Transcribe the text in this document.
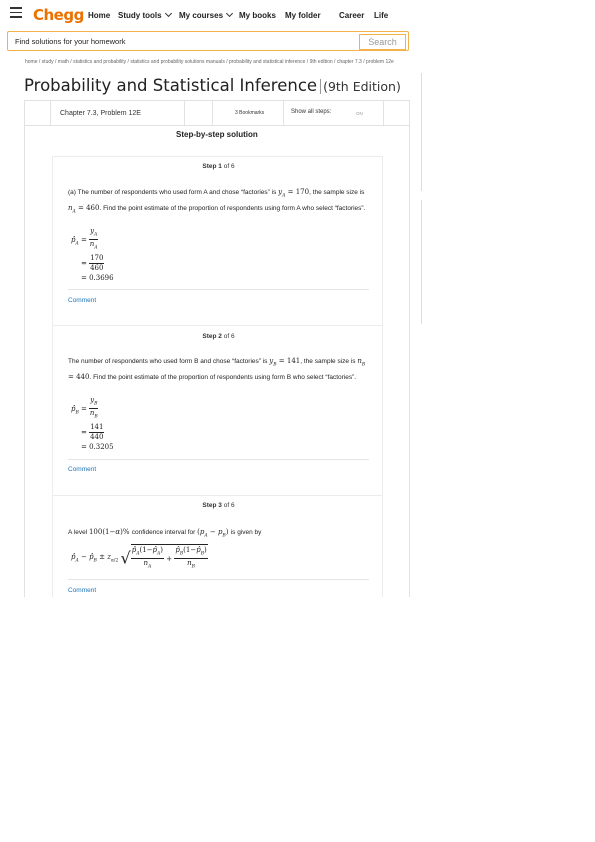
Chegg Home Study tools	My courses	My books My folder Career Life
Find solutions for your homework	Search
home / study / math / statistics and probability / statistics and probability solutions manuals / probability and statistical inference / 9th edition / chapter 7.3 / problem 12e
Probability and Statistical Inference (9th Edition)
Chapter 7.3, Problem 12E	3 Bookmarks	Show all steps:	ON
Step-by-step solution
Step 1 of 6
(a) The number of respondents who used form A and chose “factories” is $y_A = 170$, the sample size is $n_A = 460$. Find the point estimate of the proportion of respondents using form A who select “factories”.
$p̂_A = \frac{y_A}{n_A}$
= $\frac{170}{460}$
= 0.3696
Comment
Step 2 of 6
The number of respondents who used form B and chose “factories” is $y_B = 141$, the sample size is $n_B = 440$. Find the point estimate of the proportion of respondents using form B who select “factories”.
$p̂_B = \frac{y_B}{n_B}$
= $\frac{141}{440}$
= 0.3205
Comment
Step 3 of 6
A level 100(1−α)% confidence interval for $(p_A - p_B)$ is given by
$p̂_A$ − $p̂_B \pm z_{\alpha/2}$ √ $\frac{p̂_A(1-p̂_A)}{n_A} + \frac{p̂_B(1-p̂_B)}{n_B}$
Comment
